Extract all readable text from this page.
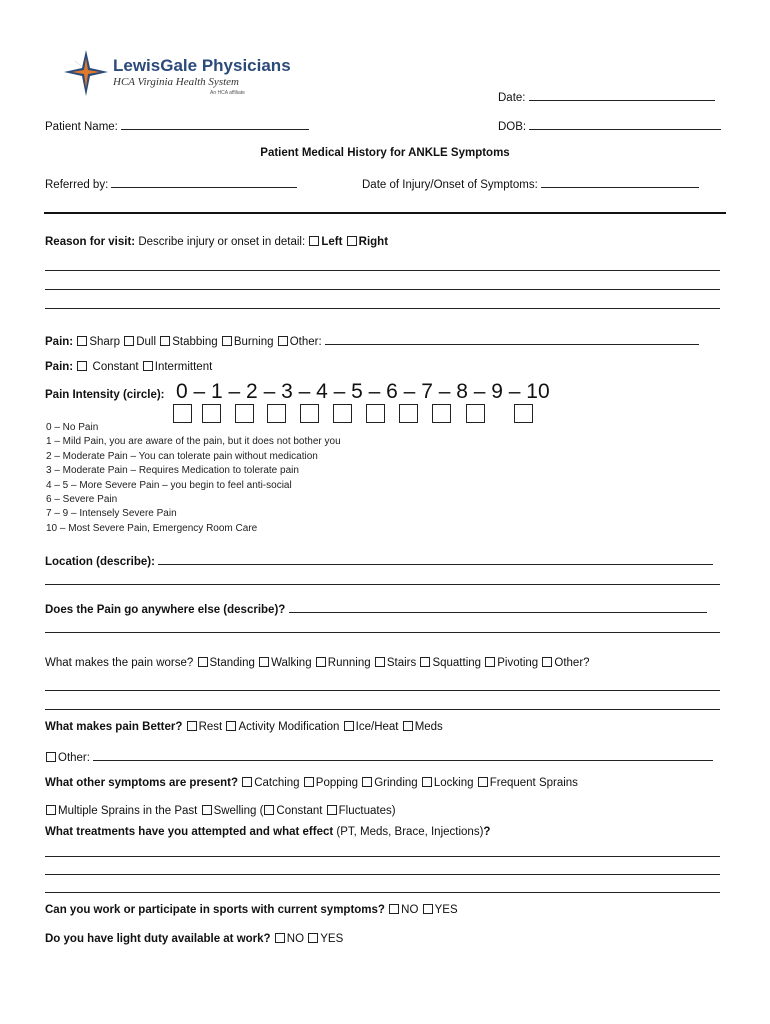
LewisGale Physicians
HCA Virginia Health System
An HCA affiliate	Date:
Patient Name:	DOB:
Patient Medical History for ANKLE Symptoms
Referred by:	Date of Injury/Onset of Symptoms:
Reason for visit: Describe injury or onset in detail: Left Right
Pain: Sharp Dull Stabbing Burning Other:
Pain: Constant Intermittent
Pain Intensity (circle): 0 – 1 – 2 – 3 – 4 – 5 – 6 – 7 – 8 – 9 – 10
0 – No Pain
1 – Mild Pain, you are aware of the pain, but it does not bother you
2 – Moderate Pain – You can tolerate pain without medication
3 – Moderate Pain – Requires Medication to tolerate pain
4 – 5 – More Severe Pain – you begin to feel anti-social
6 – Severe Pain
7 – 9 – Intensely Severe Pain
10 – Most Severe Pain, Emergency Room Care
Location (describe):
Does the Pain go anywhere else (describe)?
What makes the pain worse? Standing Walking Running Stairs Squatting Pivoting Other?
What makes pain Better? Rest Activity Modification Ice/Heat Meds
Other:
What other symptoms are present? Catching Popping Grinding Locking Frequent Sprains
Multiple Sprains in the Past Swelling ( Constant Fluctuates)
What treatments have you attempted and what effect (PT, Meds, Brace, Injections)?
Can you work or participate in sports with current symptoms? NO YES
Do you have light duty available at work? NO YES
